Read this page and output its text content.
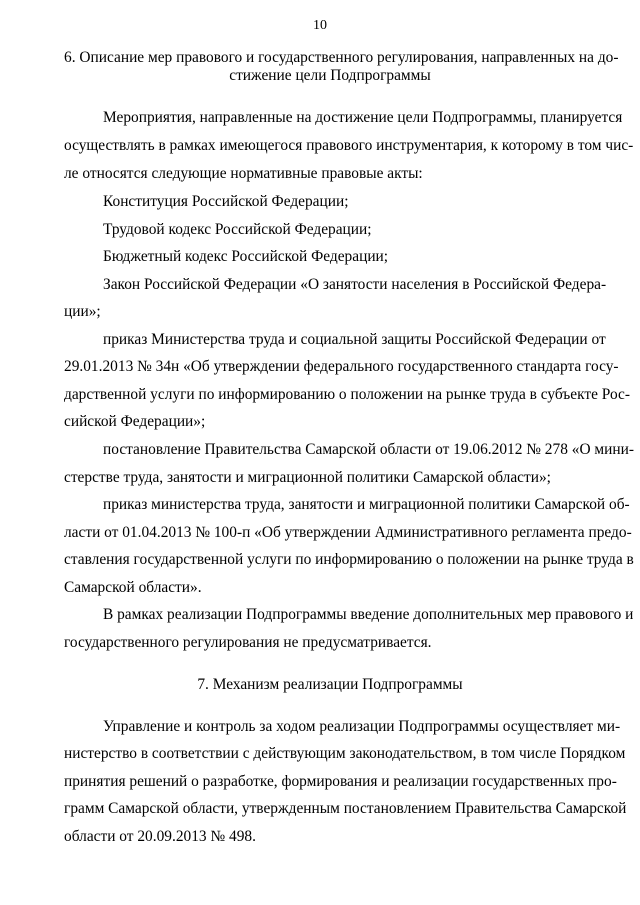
10
6. Описание мер правового и государственного регулирования, направленных на до-
стижение цели Подпрограммы
Мероприятия, направленные на достижение цели Подпрограммы, планируется
осуществлять в рамках имеющегося правового инструментария, к которому в том чис-
ле относятся следующие нормативные правовые акты:
Конституция Российской Федерации;
Трудовой кодекс Российской Федерации;
Бюджетный кодекс Российской Федерации;
Закон Российской Федерации «О занятости населения в Российской Федера-
ции»;
приказ Министерства труда и социальной защиты Российской Федерации от
29.01.2013 № 34н «Об утверждении федерального государственного стандарта госу-
дарственной услуги по информированию о положении на рынке труда в субъекте Рос-
сийской Федерации»;
постановление Правительства Самарской области от 19.06.2012 № 278 «О мини-
стерстве труда, занятости и миграционной политики Самарской области»;
приказ министерства труда, занятости и миграционной политики Самарской об-
ласти от 01.04.2013 № 100-п «Об утверждении Административного регламента предо-
ставления государственной услуги по информированию о положении на рынке труда в
Самарской области».
В рамках реализации Подпрограммы введение дополнительных мер правового и
государственного регулирования не предусматривается.
7. Механизм реализации Подпрограммы
Управление и контроль за ходом реализации Подпрограммы осуществляет ми-
нистерство в соответствии с действующим законодательством, в том числе Порядком
принятия решений о разработке, формирования и реализации государственных про-
грамм Самарской области, утвержденным постановлением Правительства Самарской
области от 20.09.2013 № 498.
